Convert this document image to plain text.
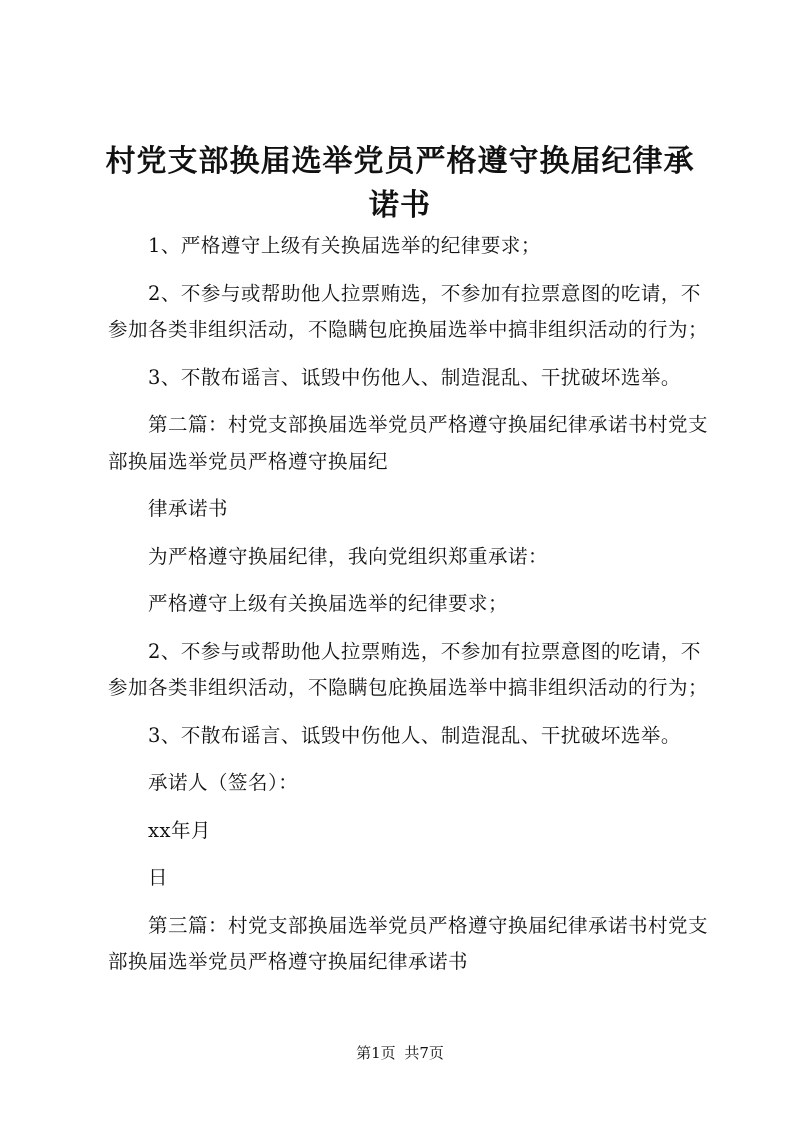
村党支部换届选举党员严格遵守换届纪律承诺书

1、严格遵守上级有关换届选举的纪律要求；

2、不参与或帮助他人拉票贿选，不参加有拉票意图的吃请，不参加各类非组织活动，不隐瞒包庇换届选举中搞非组织活动的行为；

3、不散布谣言、诋毁中伤他人、制造混乱、干扰破坏选举。

第二篇：村党支部换届选举党员严格遵守换届纪律承诺书村党支部换届选举党员严格遵守换届纪

律承诺书

为严格遵守换届纪律，我向党组织郑重承诺：

严格遵守上级有关换届选举的纪律要求；

2、不参与或帮助他人拉票贿选，不参加有拉票意图的吃请，不参加各类非组织活动，不隐瞒包庇换届选举中搞非组织活动的行为；

3、不散布谣言、诋毁中伤他人、制造混乱、干扰破坏选举。

承诺人（签名）：

xx年月

日

第三篇：村党支部换届选举党员严格遵守换届纪律承诺书村党支部换届选举党员严格遵守换届纪律承诺书

第1页 共7页
